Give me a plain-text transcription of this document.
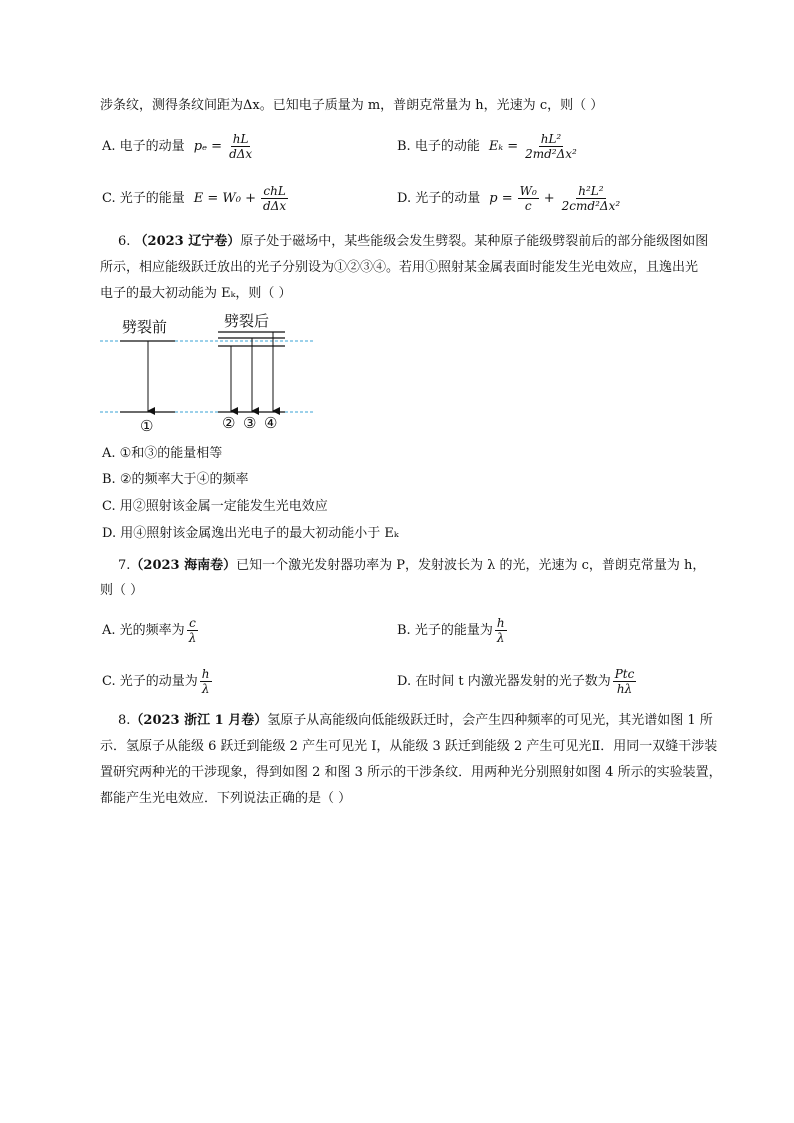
涉条纹，测得条纹间距为Δx。已知电子质量为 m，普朗克常量为 h，光速为 c，则（ ）
A.
电子的动量 $p_e = \frac{hL}{\text{dΔx}}$	B.
电子的动能 $E_k = \frac{\text{hL²}}{\text{2md²Δx²}}$
C.
光子的能量 $E = W_0 + \frac{\text{chL}}{\text{dΔx}}$	D.
光子的动量 $p = \frac{\text{W₀}}{c} + \frac{\text{h²L²}}{\text{2cmd²Δx²}}$
6. （2023 辽宁卷）原子处于磁场中，某些能级会发生劈裂。某种原子能级劈裂前后的部分能级图如图
所示，相应能级跃迁放出的光子分别设为①②③④。若用①照射某金属表面时能发生光电效应，且逸出光
电子的最大初动能为 Eₖ，则（ ）
劈裂前	劈裂后
①	② ③ ④
A. ①和③的能量相等
B. ②的频率大于④的频率
C. 用②照射该金属一定能发生光电效应
D. 用④照射该金属逸出光电子的最大初动能小于 Eₖ
7.（2023 海南卷）已知一个激光发射器功率为 P，发射波长为 λ 的光，光速为 c，普朗克常量为 h，
则（ ）
A.
光的频率为 $\frac{c}{\lambda}$	B.
光子的能量为 $\frac{h}{\lambda}$
C.
光子的动量为 $\frac{h}{\lambda}$	D.
在时间 t 内激光器发射的光子数为 $\frac{\text{Ptc}}{h\lambda}$
8.（2023 浙江 1 月卷）氢原子从高能级向低能级跃迁时，会产生四种频率的可见光，其光谱如图 1 所
示．氢原子从能级 6 跃迁到能级 2 产生可见光 Ⅰ，从能级 3 跃迁到能级 2 产生可见光Ⅱ．用同一双缝干涉装
置研究两种光的干涉现象，得到如图 2 和图 3 所示的干涉条纹．用两种光分别照射如图 4 所示的实验装置，
都能产生光电效应．下列说法正确的是（ ）
